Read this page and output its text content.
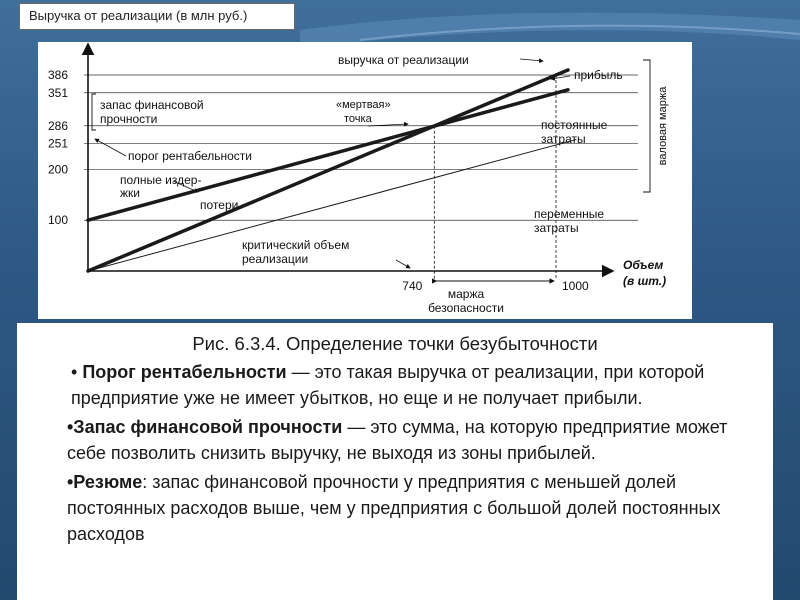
Выручка от реализации (в млн руб.)
386
351
286
251
200
100
740	1000
Объем
(в шт.)
выручка от реализации
прибыль
постоянные
затраты
переменные
затраты
валовая маржа
запас финансовой
прочности
«мертвая»
точка
порог рентабельности
полные издер-
жки
потери
критический объем
реализации
маржа
безопасности
Рис. 6.3.4. Определение точки безубыточности
• Порог рентабельности — это такая выручка от реализации, при которой предприятие уже не имеет убытков, но еще и не получает прибыли.
•Запас финансовой прочности — это сумма, на которую предприятие может себе позволить снизить выручку, не выходя из зоны прибылей.
•Резюме: запас финансовой прочности у предприятия с меньшей долей постоянных расходов выше, чем у предприятия с большой долей постоянных расходов
